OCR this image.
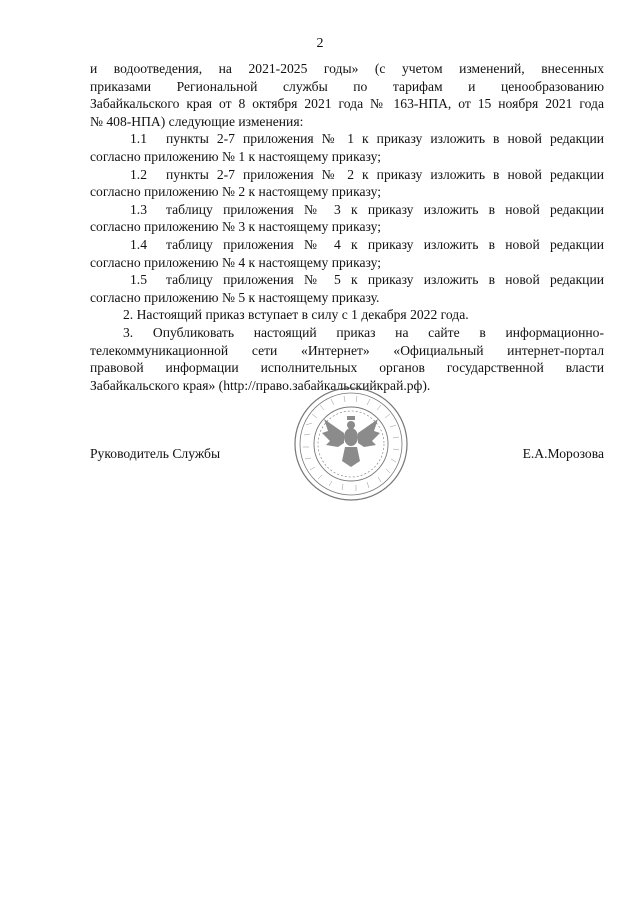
2

и водоотведения, на 2021-2025 годы» (с учетом изменений, внесенных

приказами Региональной службы по тарифам и ценообразованию

Забайкальского края от 8 октября 2021 года № 163-НПА, от 15 ноября 2021 года

№ 408-НПА) следующие изменения:

1.1 пункты 2-7 приложения № 1 к приказу изложить в новой редакции

согласно приложению № 1 к настоящему приказу;

1.2 пункты 2-7 приложения № 2 к приказу изложить в новой редакции

согласно приложению № 2 к настоящему приказу;

1.3 таблицу приложения № 3 к приказу изложить в новой редакции

согласно приложению № 3 к настоящему приказу;

1.4 таблицу приложения № 4 к приказу изложить в новой редакции

согласно приложению № 4 к настоящему приказу;

1.5 таблицу приложения № 5 к приказу изложить в новой редакции

согласно приложению № 5 к настоящему приказу.

2. Настоящий приказ вступает в силу с 1 декабря 2022 года.

3. Опубликовать настоящий приказ на сайте в информационно-

телекоммуникационной сети «Интернет» «Официальный интернет-портал

правовой информации исполнительных органов государственной власти

Забайкальского края» (http://право.забайкальскийкрай.рф).

Руководитель Службы	Е.А.Морозова
